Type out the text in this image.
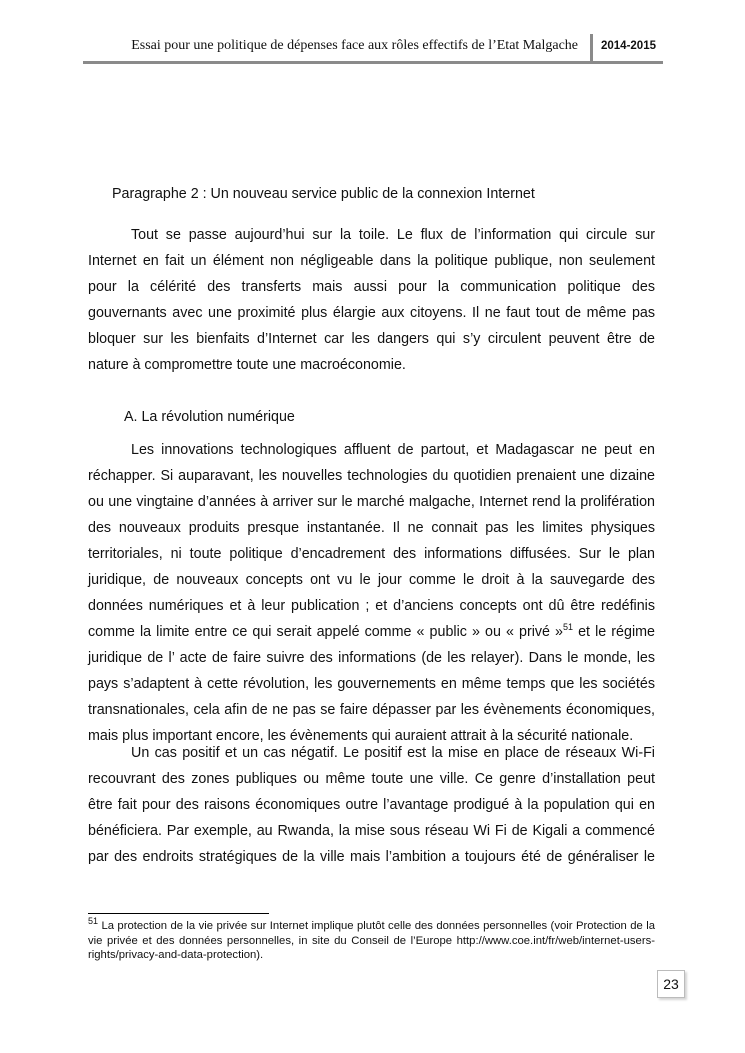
Essai pour une politique de dépenses face aux rôles effectifs de l’Etat Malgache	2014-2015
Paragraphe 2 : Un nouveau service public de la connexion Internet
Tout se passe aujourd’hui sur la toile. Le flux de l’information qui circule sur
Internet en fait un élément non négligeable dans la politique publique, non seulement
pour la célérité des transferts mais aussi pour la communication politique des
gouvernants avec une proximité plus élargie aux citoyens. Il ne faut tout de même pas
bloquer sur les bienfaits d’Internet car les dangers qui s’y circulent peuvent être de
nature à compromettre toute une macroéconomie.
A. La révolution numérique
Les innovations technologiques affluent de partout, et Madagascar ne peut en
réchapper. Si auparavant, les nouvelles technologies du quotidien prenaient une dizaine
ou une vingtaine d’années à arriver sur le marché malgache, Internet rend la prolifération
des nouveaux produits presque instantanée. Il ne connait pas les limites physiques
territoriales, ni toute politique d’encadrement des informations diffusées. Sur le plan
juridique, de nouveaux concepts ont vu le jour comme le droit à la sauvegarde des
données numériques et à leur publication ; et d’anciens concepts ont dû être redéfinis
comme la limite entre ce qui serait appelé comme « public » ou « privé »$^{51}$ et le régime
juridique de l’ acte de faire suivre des informations (de les relayer). Dans le monde, les
pays s’adaptent à cette révolution, les gouvernements en même temps que les sociétés
transnationales, cela afin de ne pas se faire dépasser par les évènements économiques,
mais plus important encore, les évènements qui auraient attrait à la sécurité nationale.
Un cas positif et un cas négatif. Le positif est la mise en place de réseaux Wi-Fi
recouvrant des zones publiques ou même toute une ville. Ce genre d’installation peut
être fait pour des raisons économiques outre l’avantage prodigué à la population qui en
bénéficiera. Par exemple, au Rwanda, la mise sous réseau Wi Fi de Kigali a commencé
par des endroits stratégiques de la ville mais l’ambition a toujours été de généraliser le
$^{51}$ La protection de la vie privée sur Internet implique plutôt celle des données personnelles (voir Protection de la vie privée et des données personnelles, in site du Conseil de l’Europe http://www.coe.int/fr/web/internet-users-rights/privacy-and-data-protection).
23
